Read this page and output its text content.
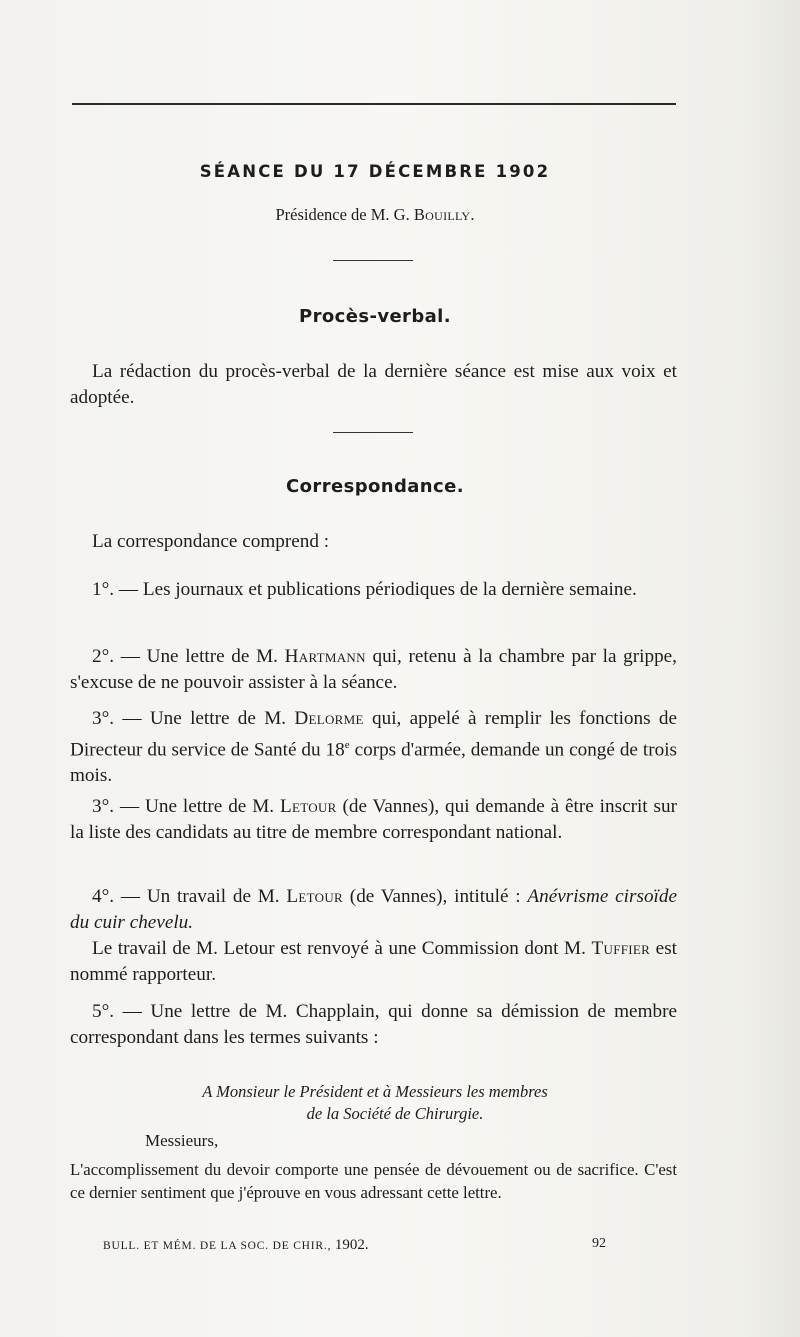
SÉANCE DU 17 DÉCEMBRE 1902
Présidence de M. G. Bouilly.
Procès-verbal.

La rédaction du procès-verbal de la dernière séance est mise aux voix et adoptée.

Correspondance.

La correspondance comprend :

1°. — Les journaux et publications périodiques de la dernière semaine.

2°. — Une lettre de M. Hartmann qui, retenu à la chambre par la grippe, s'excuse de ne pouvoir assister à la séance.

3°. — Une lettre de M. Delorme qui, appelé à remplir les fonctions de Directeur du service de Santé du 18e corps d'armée, demande un congé de trois mois.

3°. — Une lettre de M. Letour (de Vannes), qui demande à être inscrit sur la liste des candidats au titre de membre correspondant national.

4°. — Un travail de M. Letour (de Vannes), intitulé : Anévrisme cirsoïde du cuir chevelu.
Le travail de M. Letour est renvoyé à une Commission dont M. Tuffier est nommé rapporteur.

5°. — Une lettre de M. Chapplain, qui donne sa démission de membre correspondant dans les termes suivants :

A Monsieur le Président et à Messieurs les membres
de la Société de Chirurgie.
Messieurs,

L'accomplissement du devoir comporte une pensée de dévouement ou de sacrifice. C'est ce dernier sentiment que j'éprouve en vous adressant cette lettre.

BULL. ET MÉM. DE LA SOC. DE CHIR., 1902.	92
